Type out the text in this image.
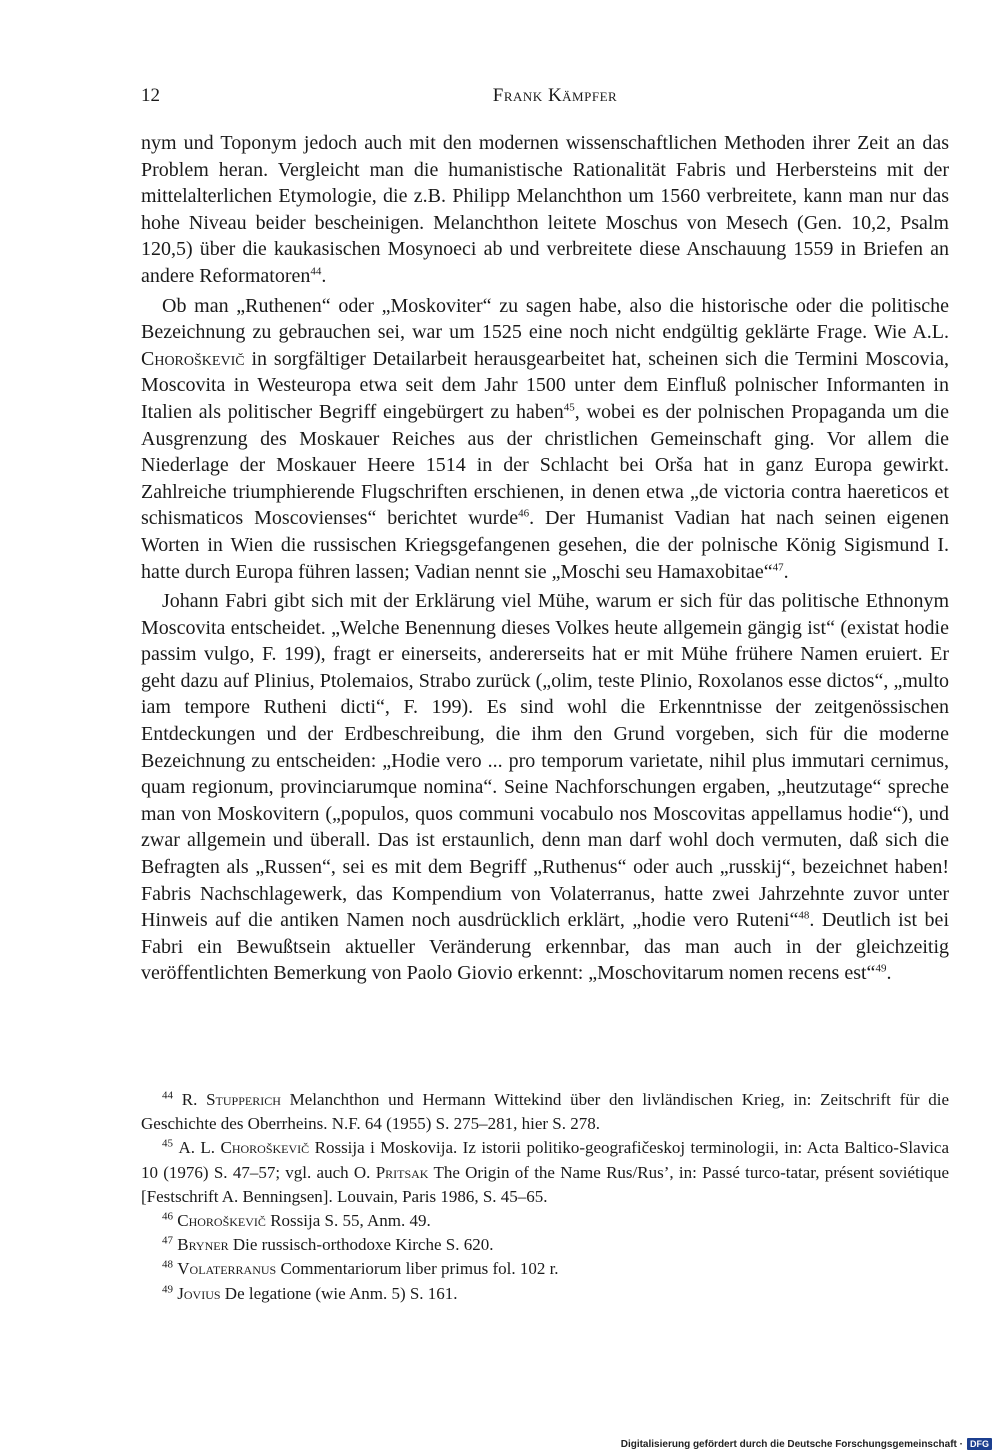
12	Frank Kämpfer

nym und Toponym jedoch auch mit den modernen wissenschaftlichen Methoden ihrer Zeit an das Problem heran. Vergleicht man die humanistische Rationalität Fabris und Herbersteins mit der mittelalterlichen Etymologie, die z.B. Philipp Melanchthon um 1560 verbreitete, kann man nur das hohe Niveau beider bescheinigen. Melanchthon leitete Moschus von Mesech (Gen. 10,2, Psalm 120,5) über die kaukasischen Mosynoeci ab und verbreitete diese Anschauung 1559 in Briefen an andere Reformatoren$^{44}$.

Ob man „Ruthenen“ oder „Moskoviter“ zu sagen habe, also die historische oder die politische Bezeichnung zu gebrauchen sei, war um 1525 eine noch nicht endgültig geklärte Frage. Wie A.L. Choroškevič in sorgfältiger Detailarbeit herausgearbeitet hat, scheinen sich die Termini Moscovia, Moscovita in Westeuropa etwa seit dem Jahr 1500 unter dem Einfluß polnischer Informanten in Italien als politischer Begriff eingebürgert zu haben$^{45}$, wobei es der polnischen Propaganda um die Ausgrenzung des Moskauer Reiches aus der christlichen Gemeinschaft ging. Vor allem die Niederlage der Moskauer Heere 1514 in der Schlacht bei Orša hat in ganz Europa gewirkt. Zahlreiche triumphierende Flugschriften erschienen, in denen etwa „de victoria contra haereticos et schismaticos Moscovienses“ berichtet wurde$^{46}$. Der Humanist Vadian hat nach seinen eigenen Worten in Wien die russischen Kriegsgefangenen gesehen, die der polnische König Sigismund I. hatte durch Europa führen lassen; Vadian nennt sie „Moschi seu Hamaxobitae“$^{47}$.

Johann Fabri gibt sich mit der Erklärung viel Mühe, warum er sich für das politische Ethnonym Moscovita entscheidet. „Welche Benennung dieses Volkes heute allgemein gängig ist“ (existat hodie passim vulgo, F. 199), fragt er einerseits, andererseits hat er mit Mühe frühere Namen eruiert. Er geht dazu auf Plinius, Ptolemaios, Strabo zurück („olim, teste Plinio, Roxolanos esse dictos“, „multo iam tempore Rutheni dicti“, F. 199). Es sind wohl die Erkenntnisse der zeitgenössischen Entdeckungen und der Erdbeschreibung, die ihm den Grund vorgeben, sich für die moderne Bezeichnung zu entscheiden: „Hodie vero ... pro temporum varietate, nihil plus immutari cernimus, quam regionum, provinciarumque nomina“. Seine Nachforschungen ergaben, „heutzutage“ spreche man von Moskovitern („populos, quos communi vocabulo nos Moscovitas appellamus hodie“), und zwar allgemein und überall. Das ist erstaunlich, denn man darf wohl doch vermuten, daß sich die Befragten als „Russen“, sei es mit dem Begriff „Ruthenus“ oder auch „russkij“, bezeichnet haben! Fabris Nachschlagewerk, das Kompendium von Volaterranus, hatte zwei Jahrzehnte zuvor unter Hinweis auf die antiken Namen noch ausdrücklich erklärt, „hodie vero Ruteni“$^{48}$. Deutlich ist bei Fabri ein Bewußtsein aktueller Veränderung erkennbar, das man auch in der gleichzeitig veröffentlichten Bemerkung von Paolo Giovio erkennt: „Moschovitarum nomen recens est“$^{49}$.

$^{44}$ R. Stupperich Melanchthon und Hermann Wittekind über den livländischen Krieg, in: Zeitschrift für die Geschichte des Oberrheins. N.F. 64 (1955) S. 275–281, hier S. 278.

$^{45}$ A. L. Choroškevič Rossija i Moskovija. Iz istorii politiko-geografičeskoj terminologii, in: Acta Baltico-Slavica 10 (1976) S. 47–57; vgl. auch O. Pritsak The Origin of the Name Rus/Rus’, in: Passé turco-tatar, présent soviétique [Festschrift A. Benningsen]. Louvain, Paris 1986, S. 45–65.

$^{46}$ Choroškevič Rossija S. 55, Anm. 49.

$^{47}$ Bryner Die russisch-orthodoxe Kirche S. 620.

$^{48}$ Volaterranus Commentariorum liber primus fol. 102 r.

$^{49}$ Jovius De legatione (wie Anm. 5) S. 161.

Digitalisierung gefördert durch die Deutsche Forschungsgemeinschaft · DFG
